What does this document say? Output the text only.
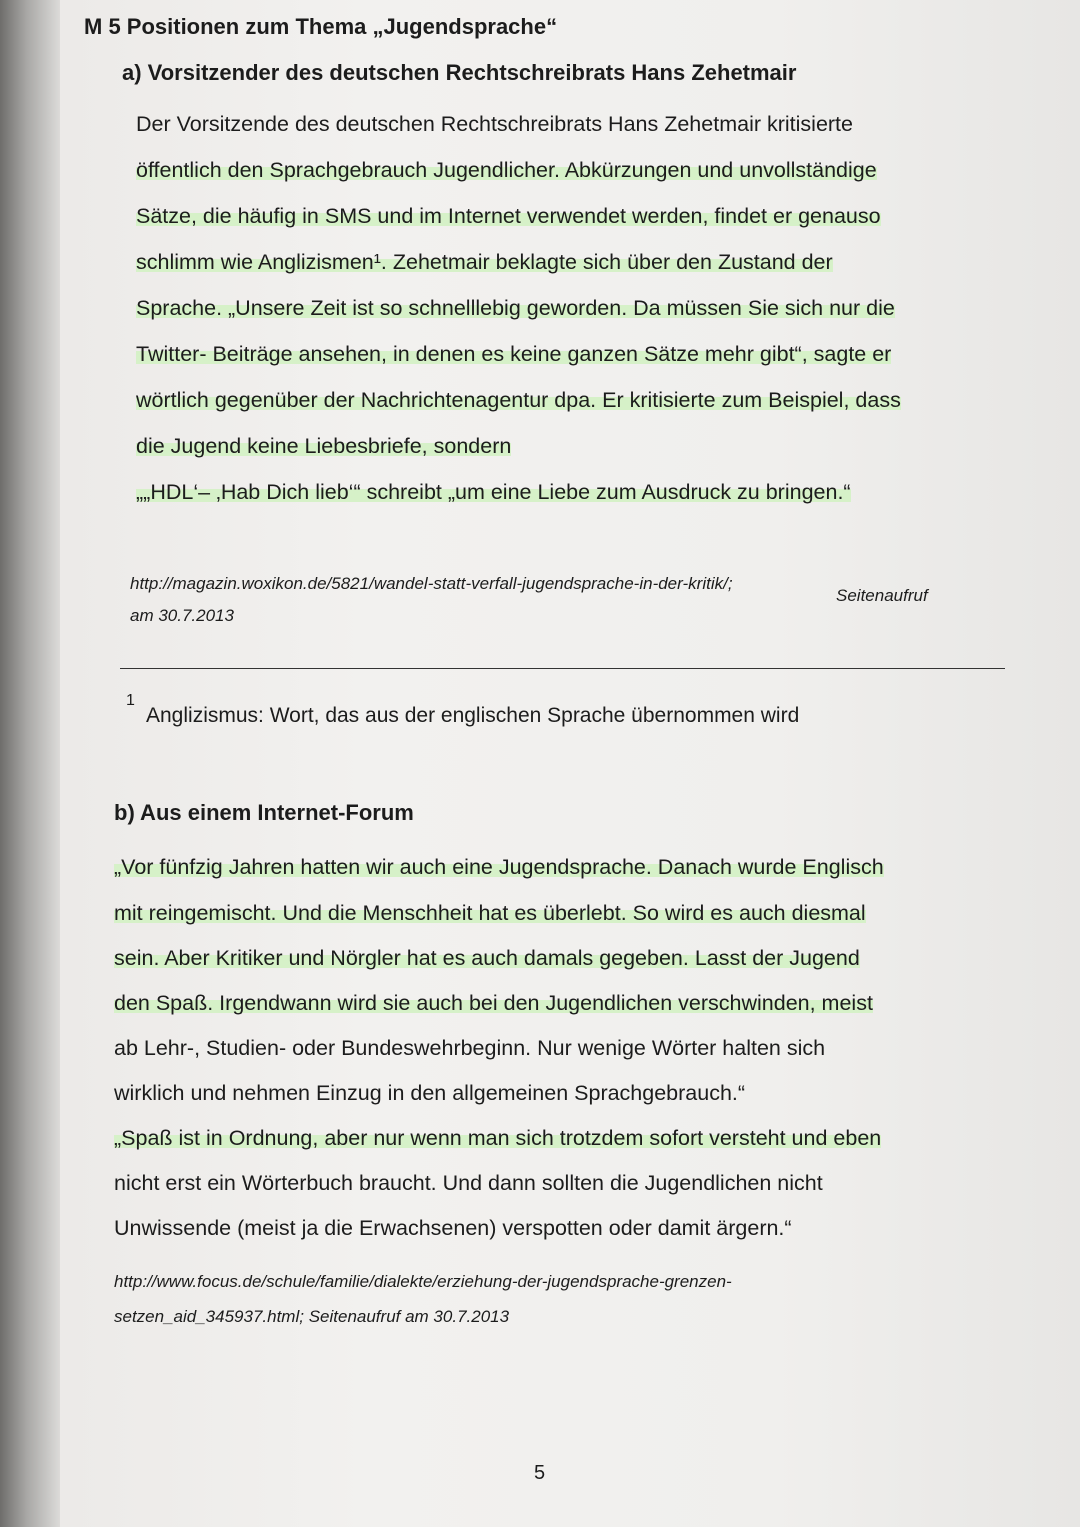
M 5 Positionen zum Thema „Jugendsprache“
a) Vorsitzender des deutschen Rechtschreibrats Hans Zehetmair
Der Vorsitzende des deutschen Rechtschreibrats Hans Zehetmair kritisierte
öffentlich den Sprachgebrauch Jugendlicher. Abkürzungen und unvollständige
Sätze, die häufig in SMS und im Internet verwendet werden, findet er genauso
schlimm wie Anglizismen¹. Zehetmair beklagte sich über den Zustand der
Sprache. „Unsere Zeit ist so schnelllebig geworden. Da müssen Sie sich nur die
Twitter- Beiträge ansehen, in denen es keine ganzen Sätze mehr gibt“, sagte er
wörtlich gegenüber der Nachrichtenagentur dpa. Er kritisierte zum Beispiel, dass
die Jugend keine Liebesbriefe, sondern
„„HDL‘– ‚Hab Dich lieb‘“ schreibt „um eine Liebe zum Ausdruck zu bringen.“
http://magazin.woxikon.de/5821/wandel-statt-verfall-jugendsprache-in-der-kritik/;
Seitenaufruf
am 30.7.2013
1
Anglizismus: Wort, das aus der englischen Sprache übernommen wird
b) Aus einem Internet-Forum
„Vor fünfzig Jahren hatten wir auch eine Jugendsprache. Danach wurde Englisch
mit reingemischt. Und die Menschheit hat es überlebt. So wird es auch diesmal
sein. Aber Kritiker und Nörgler hat es auch damals gegeben. Lasst der Jugend
den Spaß. Irgendwann wird sie auch bei den Jugendlichen verschwinden, meist
ab Lehr-, Studien- oder Bundeswehrbeginn. Nur wenige Wörter halten sich
wirklich und nehmen Einzug in den allgemeinen Sprachgebrauch.“
„Spaß ist in Ordnung, aber nur wenn man sich trotzdem sofort versteht und eben
nicht erst ein Wörterbuch braucht. Und dann sollten die Jugendlichen nicht
Unwissende (meist ja die Erwachsenen) verspotten oder damit ärgern.“
http://www.focus.de/schule/familie/dialekte/erziehung-der-jugendsprache-grenzen-
setzen_aid_345937.html; Seitenaufruf am 30.7.2013
5
